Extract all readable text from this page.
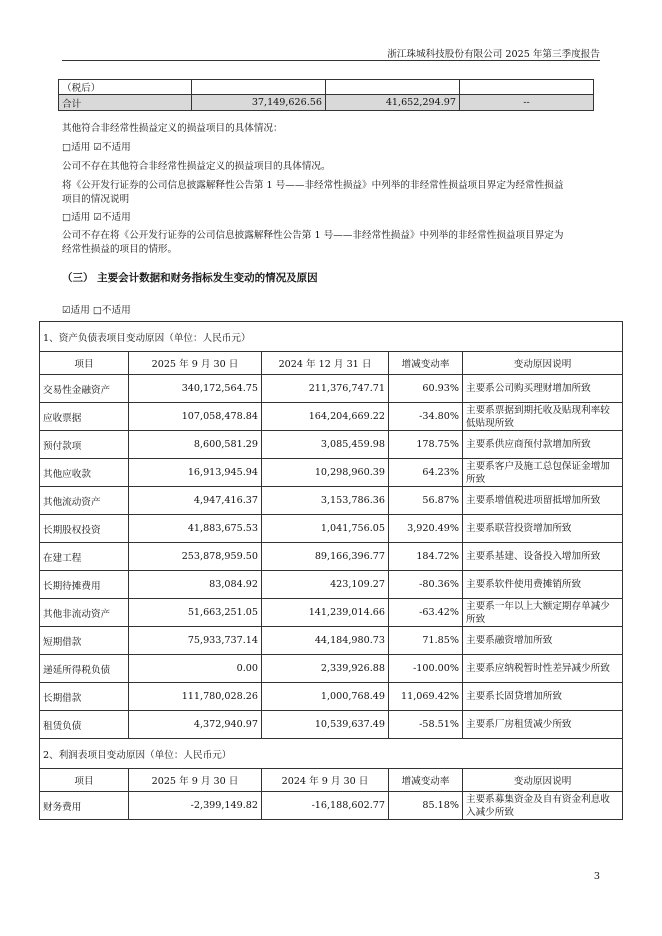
浙江珠城科技股份有限公司 2025 年第三季度报告
（税后）			
合计	37,149,626.56	41,652,294.97	--
其他符合非经常性损益定义的损益项目的具体情况：
□适用 ☑不适用
公司不存在其他符合非经常性损益定义的损益项目的具体情况。
将《公开发行证券的公司信息披露解释性公告第 1 号——非经常性损益》中列举的非经常性损益项目界定为经常性损益
项目的情况说明
□适用 ☑不适用
公司不存在将《公开发行证券的公司信息披露解释性公告第 1 号——非经常性损益》中列举的非经常性损益项目界定为
经常性损益的项目的情形。
（三） 主要会计数据和财务指标发生变动的情况及原因
☑适用 □不适用
1、资产负债表项目变动原因（单位：人民币元）				
项目	2025 年 9 月 30 日	2024 年 12 月 31 日	增减变动率	变动原因说明
交易性金融资产	340,172,564.75	211,376,747.71	60.93%	主要系公司购买理财增加所致
应收票据	107,058,478.84	164,204,669.22	-34.80%	主要系票据到期托收及贴现利率较低贴现所致
预付款项	8,600,581.29	3,085,459.98	178.75%	主要系供应商预付款增加所致
其他应收款	16,913,945.94	10,298,960.39	64.23%	主要系客户及施工总包保证金增加所致
其他流动资产	4,947,416.37	3,153,786.36	56.87%	主要系增值税进项留抵增加所致
长期股权投资	41,883,675.53	1,041,756.05	3,920.49%	主要系联营投资增加所致
在建工程	253,878,959.50	89,166,396.77	184.72%	主要系基建、设备投入增加所致
长期待摊费用	83,084.92	423,109.27	-80.36%	主要系软件使用费摊销所致
其他非流动资产	51,663,251.05	141,239,014.66	-63.42%	主要系一年以上大额定期存单减少所致
短期借款	75,933,737.14	44,184,980.73	71.85%	主要系融资增加所致
递延所得税负债	0.00	2,339,926.88	-100.00%	主要系应纳税暂时性差异减少所致
长期借款	111,780,028.26	1,000,768.49	11,069.42%	主要系长固贷增加所致
租赁负债	4,372,940.97	10,539,637.49	-58.51%	主要系厂房租赁减少所致
2、利润表项目变动原因（单位：人民币元）				
项目	2025 年 9 月 30 日	2024 年 9 月 30 日	增减变动率	变动原因说明
财务费用	-2,399,149.82	-16,188,602.77	85.18%	主要系募集资金及自有资金利息收入减少所致
3
